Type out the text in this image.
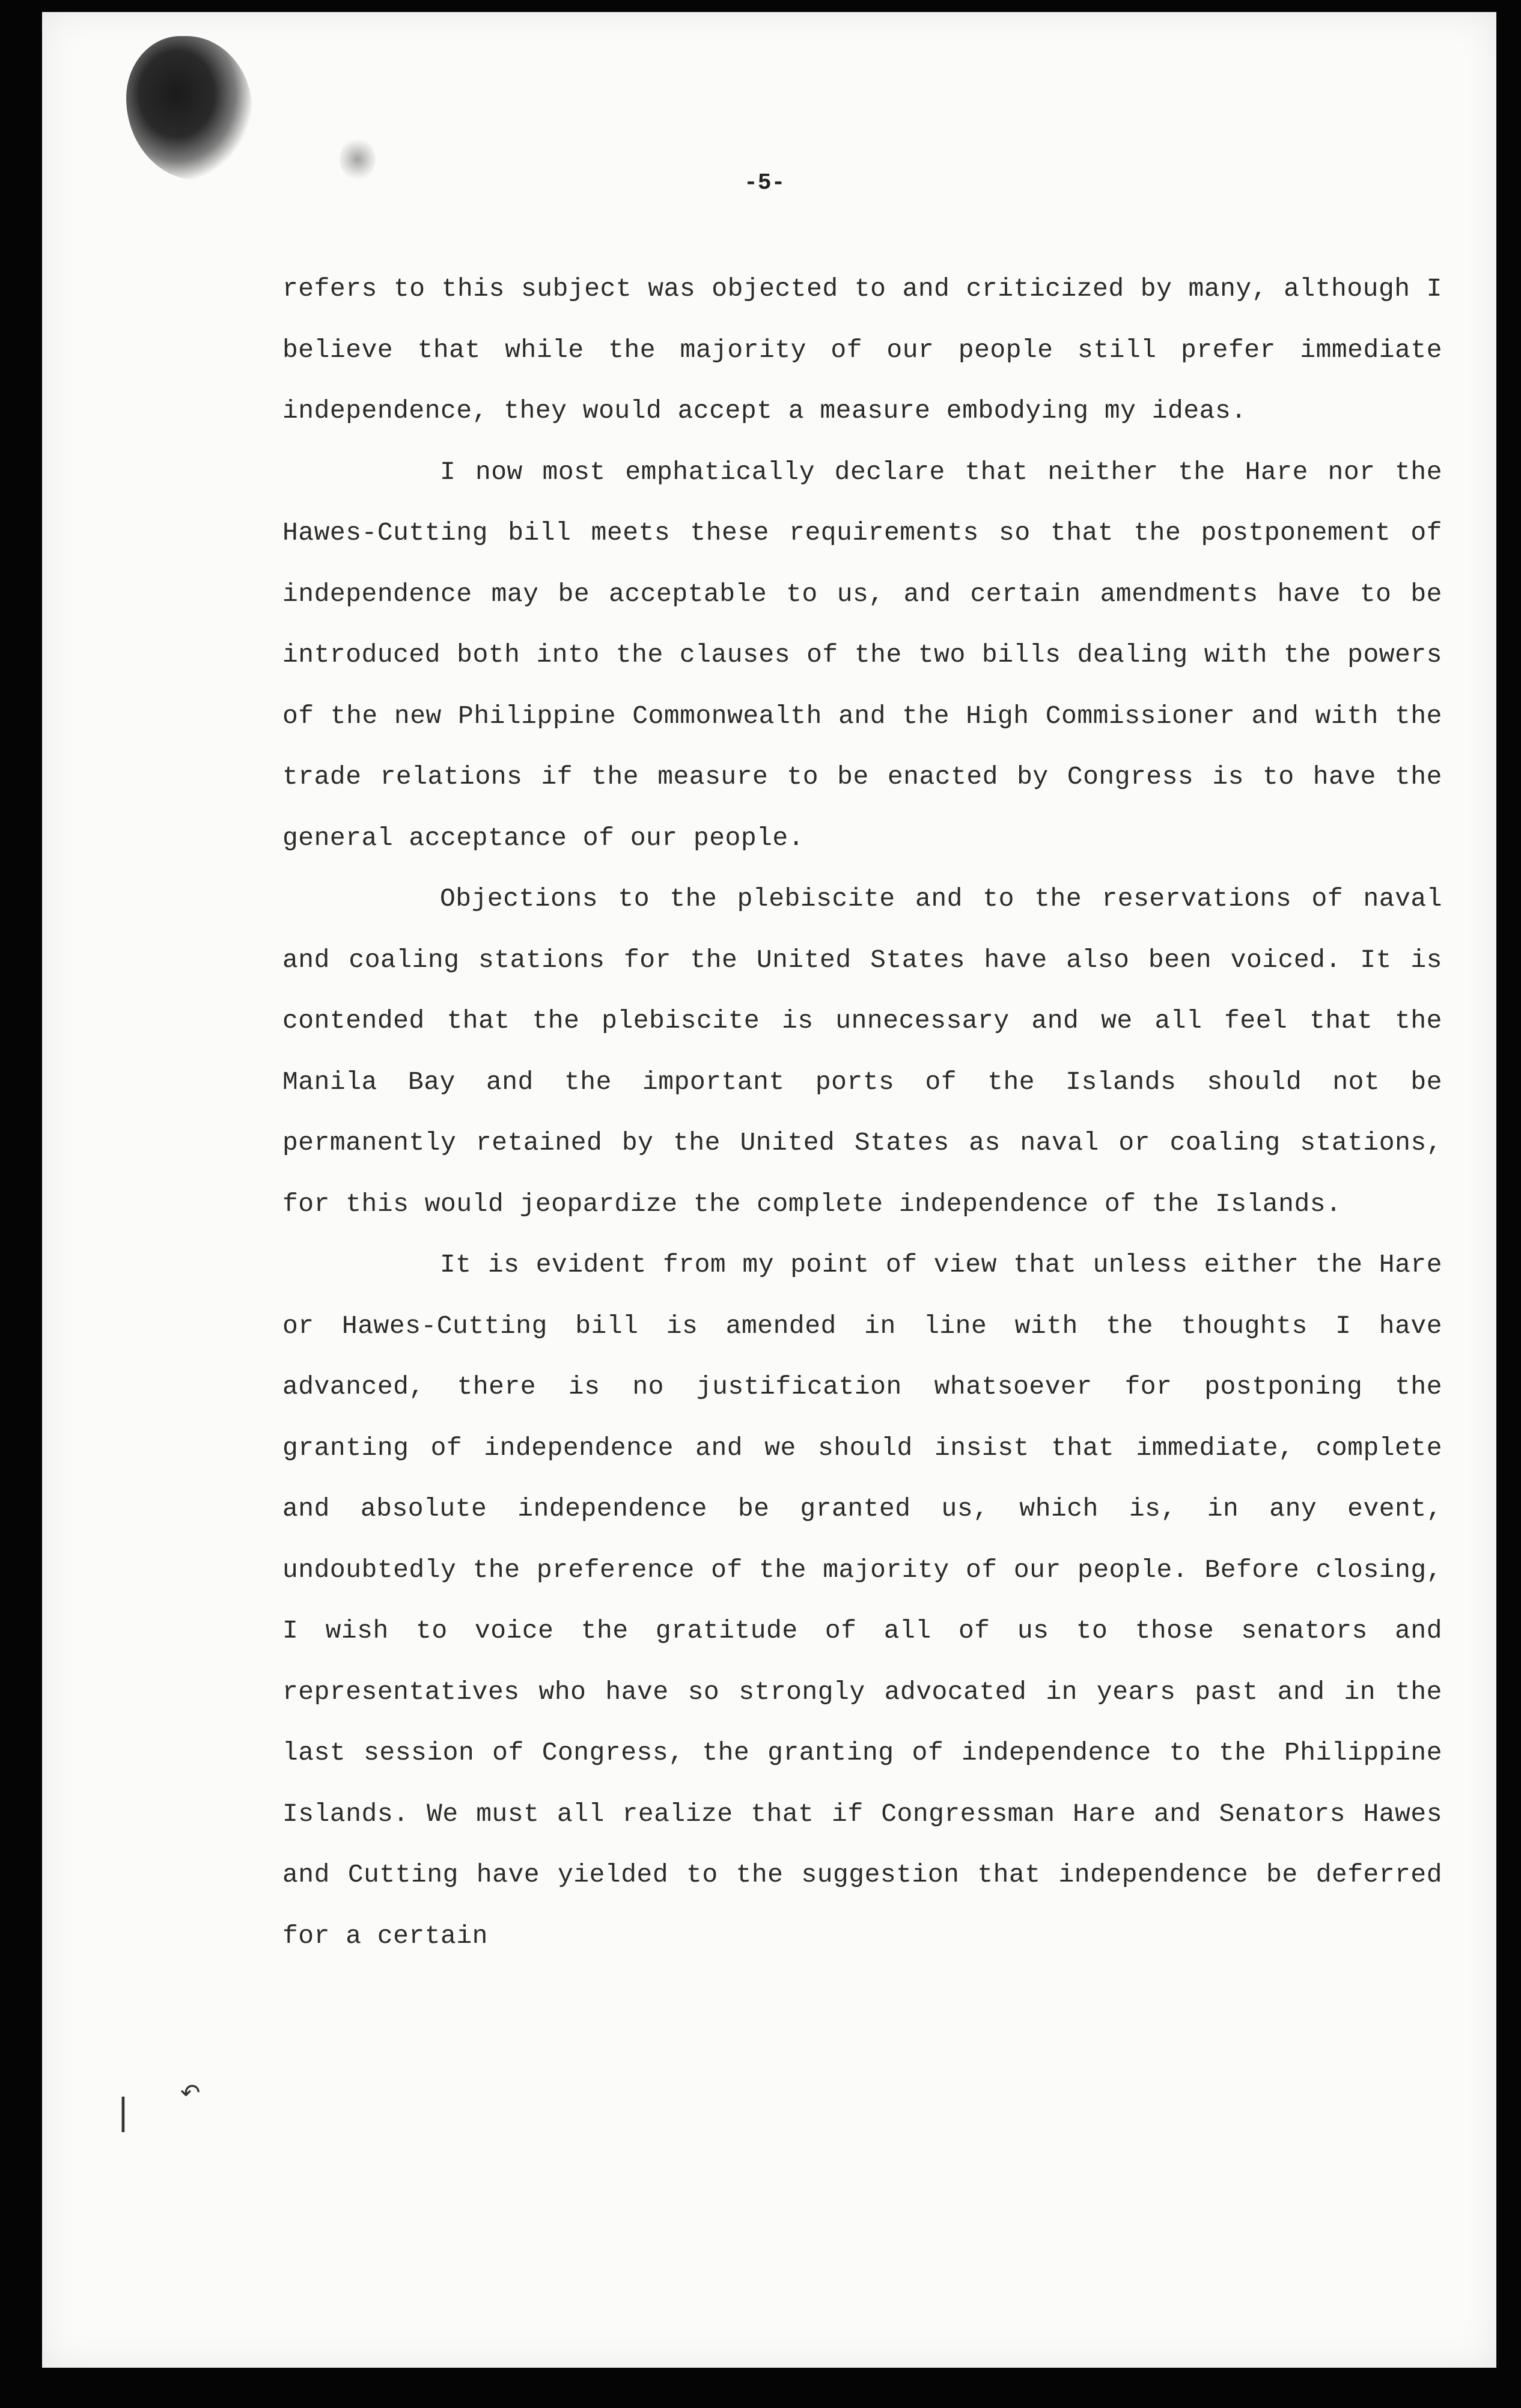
-5-

refers to this subject was objected to and criticized by many, although I believe that while the majority of our people still prefer immediate independence, they would accept a measure embodying my ideas.

I now most emphatically declare that neither the Hare nor the Hawes-Cutting bill meets these requirements so that the postponement of independence may be acceptable to us, and certain amendments have to be introduced both into the clauses of the two bills dealing with the powers of the new Philippine Commonwealth and the High Commissioner and with the trade relations if the measure to be enacted by Congress is to have the general acceptance of our people.

Objections to the plebiscite and to the reservations of naval and coaling stations for the United States have also been voiced. It is contended that the plebiscite is unnecessary and we all feel that the Manila Bay and the important ports of the Islands should not be permanently retained by the United States as naval or coaling stations, for this would jeopardize the complete independence of the Islands.

It is evident from my point of view that unless either the Hare or Hawes-Cutting bill is amended in line with the thoughts I have advanced, there is no justification whatsoever for postponing the granting of independence and we should insist that immediate, complete and absolute independence be granted us, which is, in any event, undoubtedly the preference of the majority of our people. Before closing, I wish to voice the gratitude of all of us to those senators and representatives who have so strongly advocated in years past and in the last session of Congress, the granting of independence to the Philippine Islands. We must all realize that if Congressman Hare and Senators Hawes and Cutting have yielded to the suggestion that independence be deferred for a certain

↶
∣
